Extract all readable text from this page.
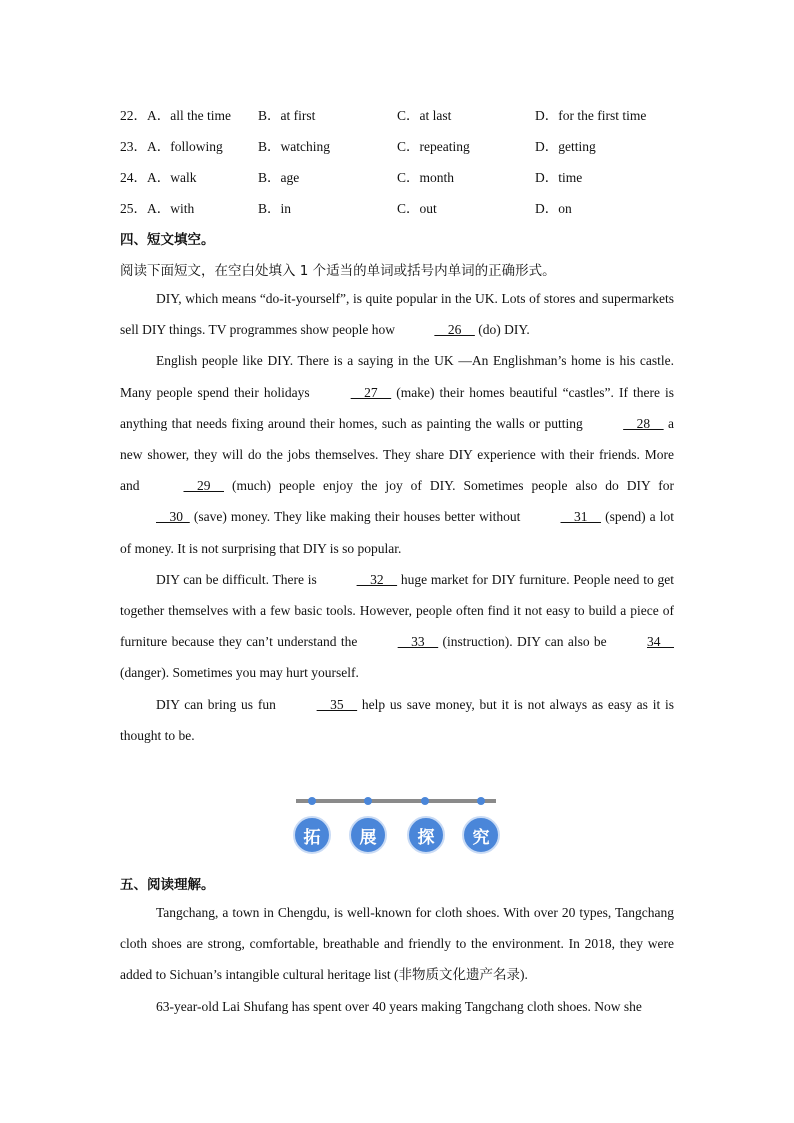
22．A．all the time B．at first	C．at last	D．for the first time
23．A．following	B．watching	C．repeating	D．getting
24．A．walk	B．age	C．month	D．time
25．A．with	B．in	C．out	D．on
四、短文填空。
阅读下面短文，在空白处填入 1 个适当的单词或括号内单词的正确形式。

DIY, which means “do-it-yourself”, is quite popular in the UK. Lots of stores and supermarkets sell DIY things. TV programmes show people how	26     (do) DIY.

English people like DIY. There is a saying in the UK —An Englishman’s home is his castle. Many people spend their holidays	27     (make) their homes beautiful “castles”. If there is anything that needs fixing around their homes, such as painting the walls or putting	28     a new shower, they will do the jobs themselves. They share DIY experience with their friends. More and	29     (much) people enjoy the joy of DIY. Sometimes people also do DIY for     30   (save) money. They like making their houses better without	31     (spend) a lot of money. It is not surprising that DIY is so popular.

DIY can be difficult. There is	32     huge market for DIY furniture. People need to get together themselves with a few basic tools. However, people often find it not easy to build a piece of furniture because they can’t understand the	33     (instruction). DIY can also be	34     (danger). Sometimes you may hurt yourself.

DIY can bring us fun	35     help us save money, but it is not always as easy as it is thought to be.

拓	展	探	究
五、阅读理解。

Tangchang, a town in Chengdu, is well-known for cloth shoes. With over 20 types, Tangchang cloth shoes are strong, comfortable, breathable and friendly to the environment. In 2018, they were added to Sichuan’s intangible cultural heritage list (非物质文化遗产名录).

63-year-old Lai Shufang has spent over 40 years making Tangchang cloth shoes. Now she
